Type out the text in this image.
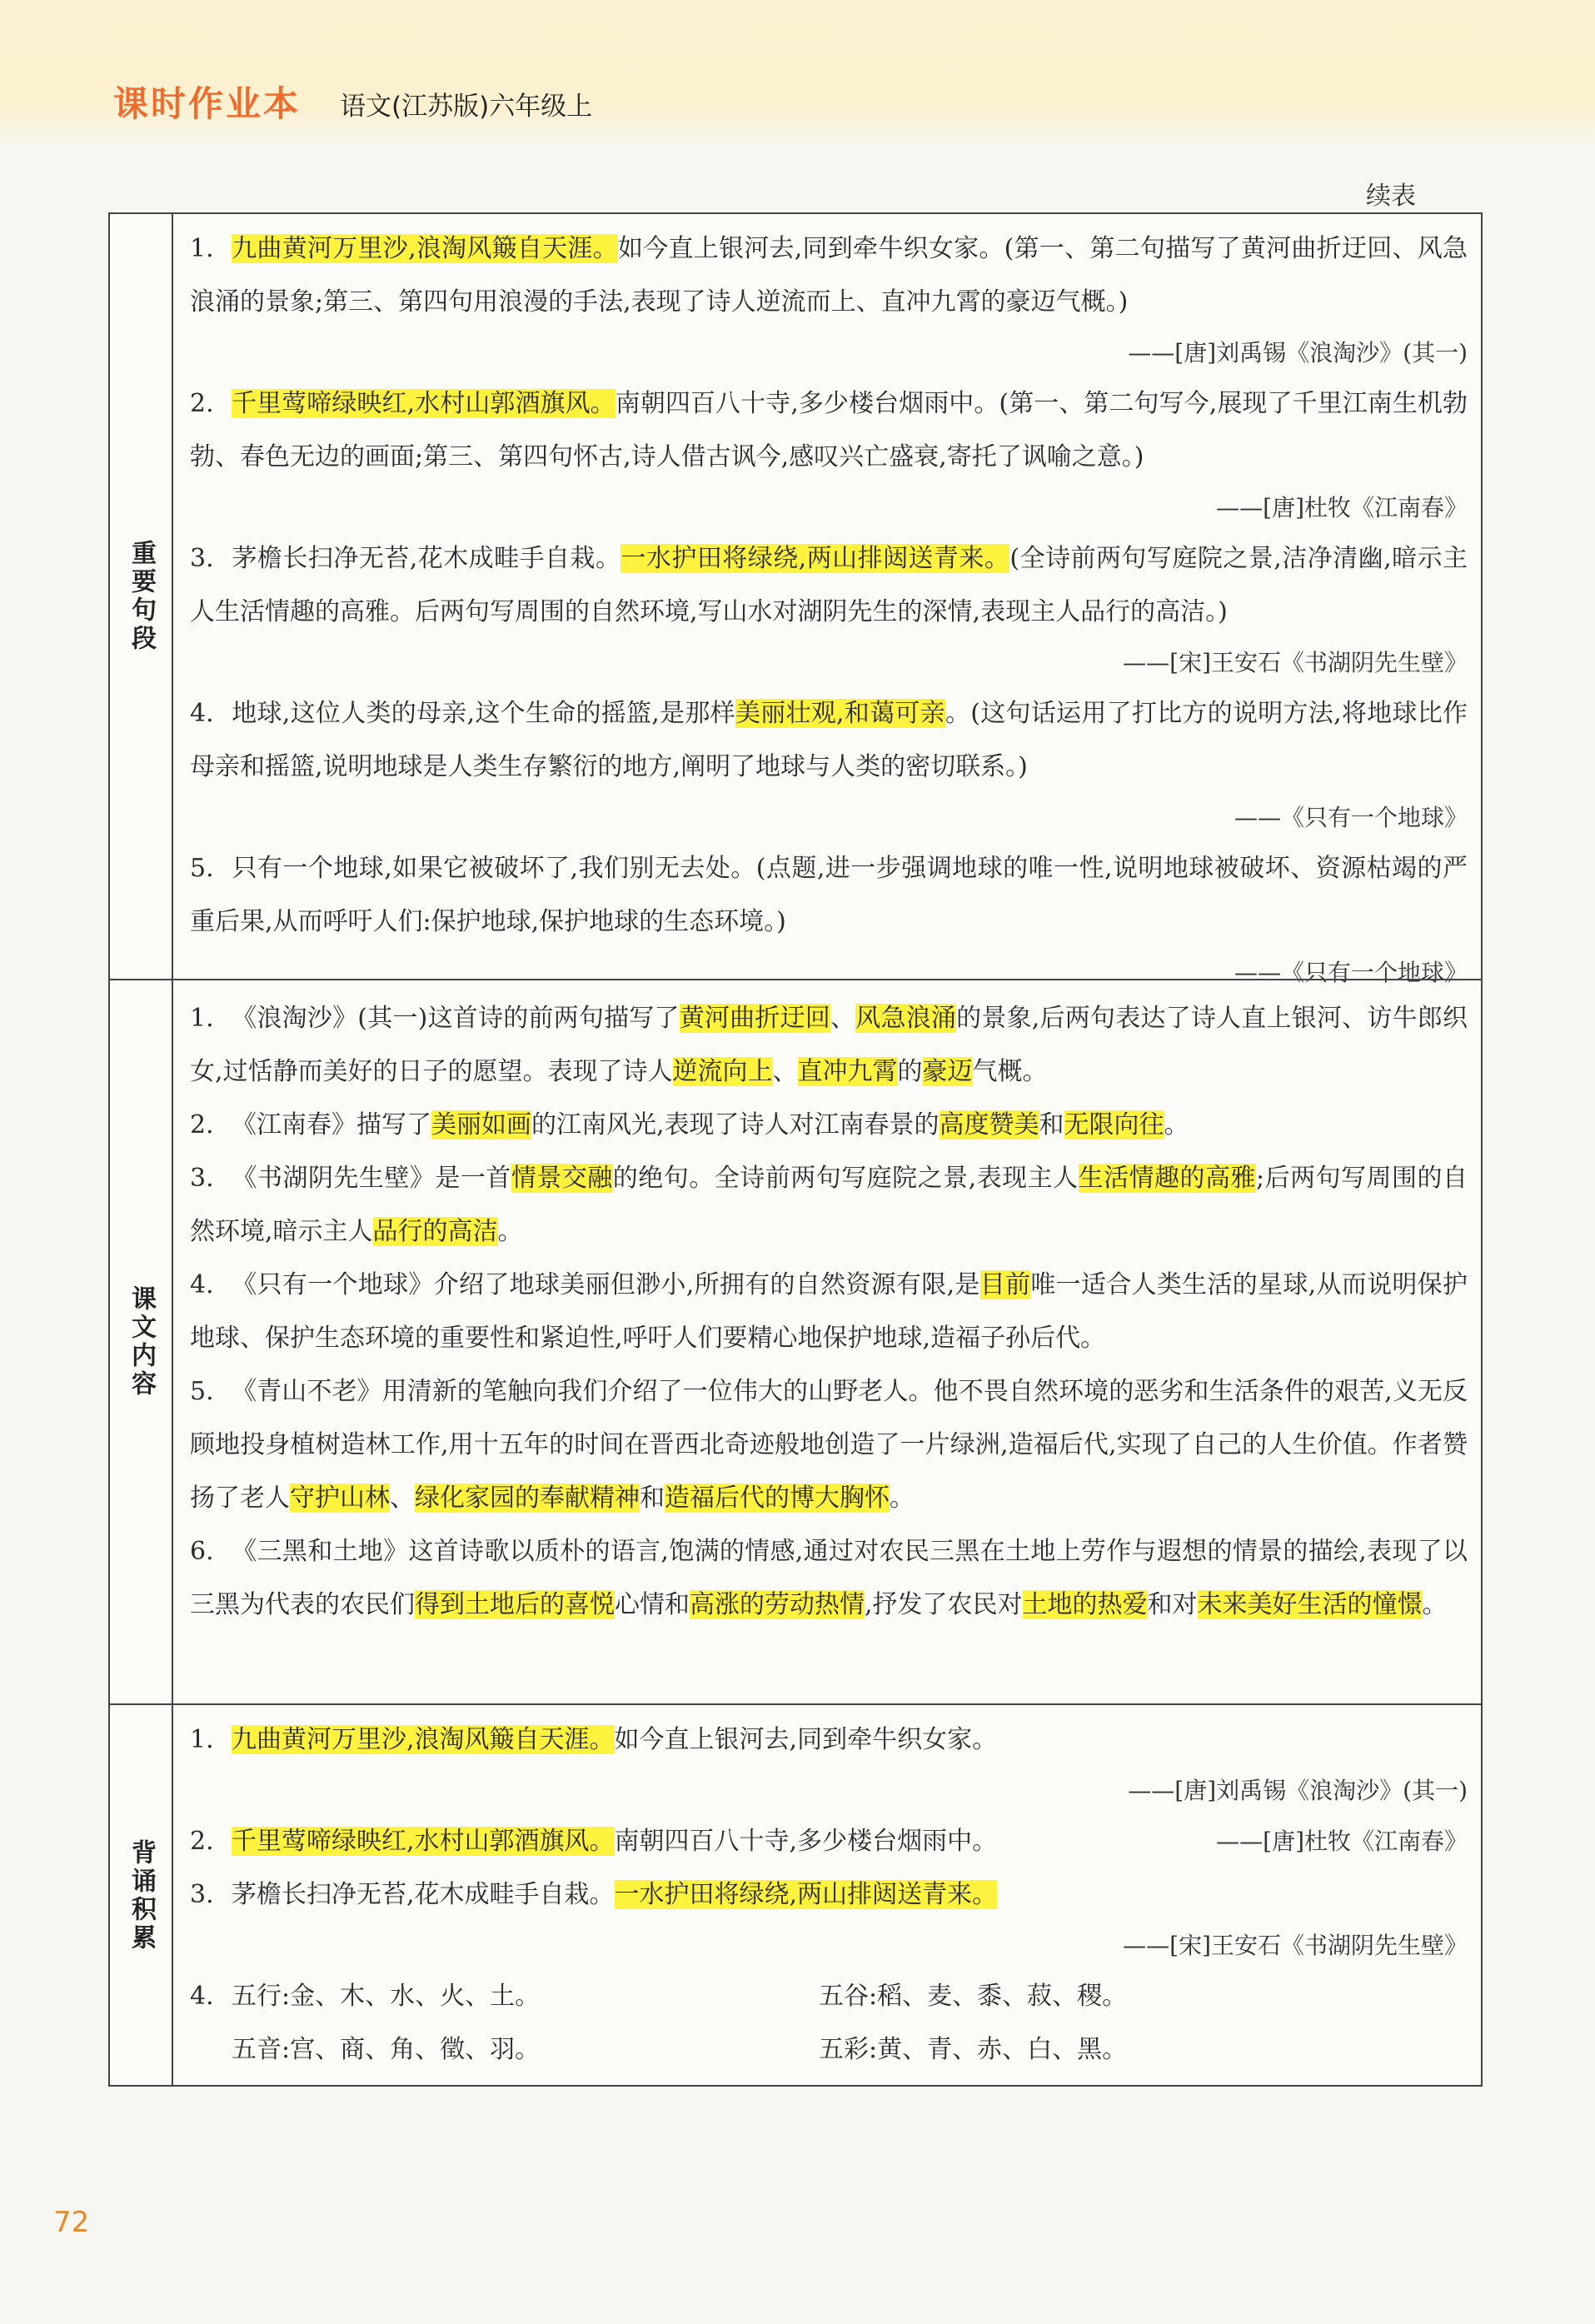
课时作业本 语文(江苏版)六年级上
续表
重要句段

1. 九曲黄河万里沙,浪淘风簸自天涯。如今直上银河去,同到牵牛织女家。(第一、第二句描写了黄河曲折迂回、风急浪涌的景象;第三、第四句用浪漫的手法,表现了诗人逆流而上、直冲九霄的豪迈气概。)

——[唐]刘禹锡《浪淘沙》(其一)

2. 千里莺啼绿映红,水村山郭酒旗风。南朝四百八十寺,多少楼台烟雨中。(第一、第二句写今,展现了千里江南生机勃勃、春色无边的画面;第三、第四句怀古,诗人借古讽今,感叹兴亡盛衰,寄托了讽喻之意。)

——[唐]杜牧《江南春》

3. 茅檐长扫净无苔,花木成畦手自栽。一水护田将绿绕,两山排闼送青来。(全诗前两句写庭院之景,洁净清幽,暗示主人生活情趣的高雅。后两句写周围的自然环境,写山水对湖阴先生的深情,表现主人品行的高洁。)

——[宋]王安石《书湖阴先生壁》

4. 地球,这位人类的母亲,这个生命的摇篮,是那样美丽壮观,和蔼可亲。(这句话运用了打比方的说明方法,将地球比作母亲和摇篮,说明地球是人类生存繁衍的地方,阐明了地球与人类的密切联系。)

——《只有一个地球》

5. 只有一个地球,如果它被破坏了,我们别无去处。(点题,进一步强调地球的唯一性,说明地球被破坏、资源枯竭的严重后果,从而呼吁人们:保护地球,保护地球的生态环境。)

——《只有一个地球》

课文内容

1. 《浪淘沙》(其一)这首诗的前两句描写了黄河曲折迂回、风急浪涌的景象,后两句表达了诗人直上银河、访牛郎织女,过恬静而美好的日子的愿望。表现了诗人逆流向上、直冲九霄的豪迈气概。

2. 《江南春》描写了美丽如画的江南风光,表现了诗人对江南春景的高度赞美和无限向往。

3. 《书湖阴先生壁》是一首情景交融的绝句。全诗前两句写庭院之景,表现主人生活情趣的高雅;后两句写周围的自然环境,暗示主人品行的高洁。

4. 《只有一个地球》介绍了地球美丽但渺小,所拥有的自然资源有限,是目前唯一适合人类生活的星球,从而说明保护地球、保护生态环境的重要性和紧迫性,呼吁人们要精心地保护地球,造福子孙后代。

5. 《青山不老》用清新的笔触向我们介绍了一位伟大的山野老人。他不畏自然环境的恶劣和生活条件的艰苦,义无反顾地投身植树造林工作,用十五年的时间在晋西北奇迹般地创造了一片绿洲,造福后代,实现了自己的人生价值。作者赞扬了老人守护山林、绿化家园的奉献精神和造福后代的博大胸怀。

6. 《三黑和土地》这首诗歌以质朴的语言,饱满的情感,通过对农民三黑在土地上劳作与遐想的情景的描绘,表现了以三黑为代表的农民们得到土地后的喜悦心情和高涨的劳动热情,抒发了农民对土地的热爱和对未来美好生活的憧憬。

背诵积累

1. 九曲黄河万里沙,浪淘风簸自天涯。如今直上银河去,同到牵牛织女家。

——[唐]刘禹锡《浪淘沙》(其一)

2. 千里莺啼绿映红,水村山郭酒旗风。南朝四百八十寺,多少楼台烟雨中。	——[唐]杜牧《江南春》

3. 茅檐长扫净无苔,花木成畦手自栽。一水护田将绿绕,两山排闼送青来。

——[宋]王安石《书湖阴先生壁》

4. 五行:金、木、水、火、土。	五谷:稻、麦、黍、菽、稷。
五音:宫、商、角、徵、羽。	五彩:黄、青、赤、白、黑。
72
